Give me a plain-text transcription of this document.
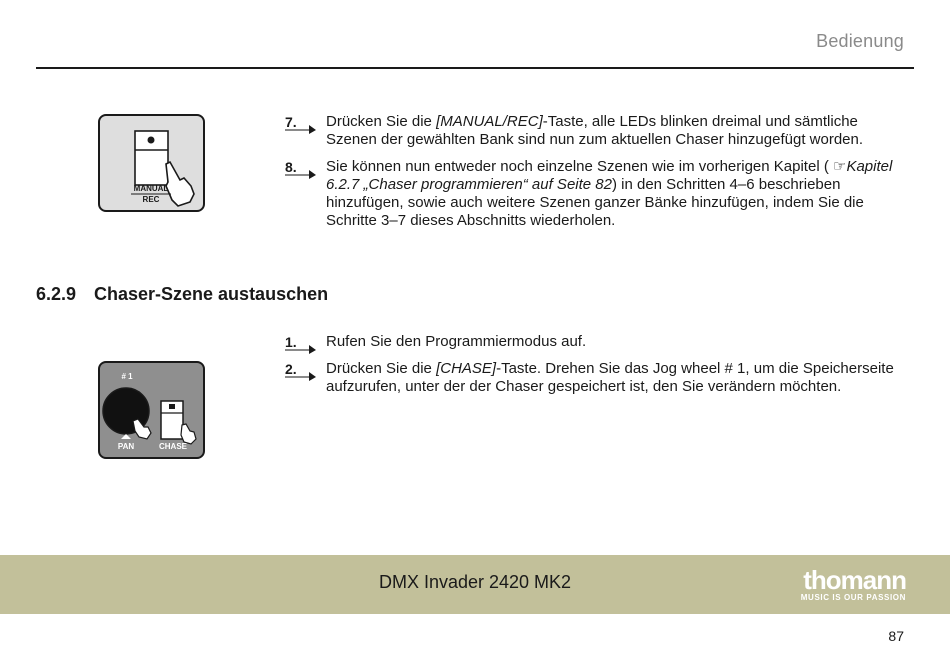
Bedienung
MANUAL
REC
7.	Drücken Sie die [MANUAL/REC]-Taste, alle LEDs blinken dreimal und sämtliche Szenen der gewählten Bank sind nun zum aktuellen Chaser hinzugefügt worden.
8.	Sie können nun entweder noch einzelne Szenen wie im vorherigen Kapitel ( ☞Kapitel 6.2.7 „Chaser programmieren“ auf Seite 82) in den Schritten 4–6 beschrieben hinzufügen, sowie auch weitere Szenen ganzer Bänke hinzufügen, indem Sie die Schritte 3–7 dieses Abschnitts wiederholen.
6.2.9 Chaser-Szene austauschen
# 1
PAN	CHASE
1.	Rufen Sie den Programmiermodus auf.
2.	Drücken Sie die [CHASE]-Taste. Drehen Sie das Jog wheel # 1, um die Speicherseite aufzurufen, unter der der Chaser gespeichert ist, den Sie verändern möchten.
DMX Invader 2420 MK2	thomann
MUSIC IS OUR PASSION
87
